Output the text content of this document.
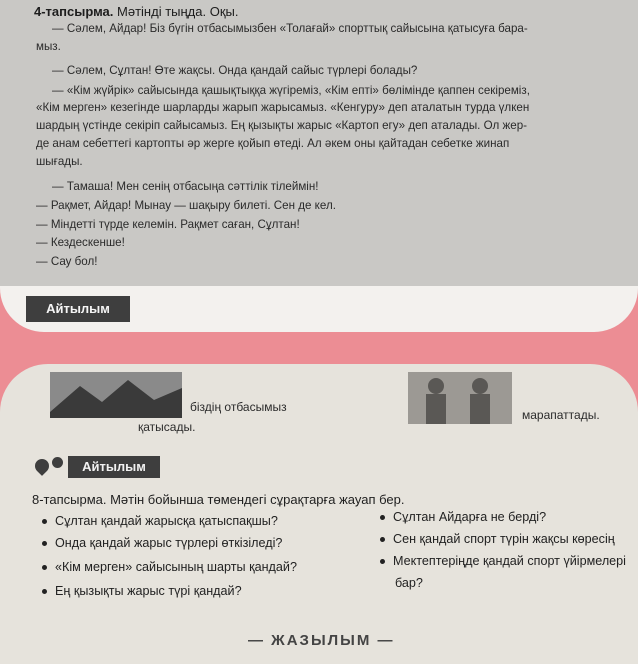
4-тапсырма. Мәтінді тыңда. Оқы.

— Сәлем, Айдар! Біз бүгін отбасымызбен «Толағай» спорттық сайысына қатысуға бара-

мыз.

— Сәлем, Сұлтан! Өте жақсы. Онда қандай сайыс түрлері болады?

— «Кім жүйрік» сайысында қашықтыққа жүгіреміз, «Кім епті» бөлімінде қаппен секіреміз,

«Кім мерген» кезегінде шарларды жарып жарысамыз. «Кенгуру» деп аталатын турда үлкен

шардың үстінде секіріп сайысамыз. Ең қызықты жарыс «Картоп егу» деп аталады. Ол жер-

де анам себеттегі картопты әр жерге қойып өтеді. Ал әкем оны қайтадан себетке жинап

шығады.

— Тамаша! Мен сенің отбасыңа сәттілік тілеймін!

— Рақмет, Айдар! Мынау — шақыру билеті. Сен де кел.

— Міндетті түрде келемін. Рақмет саған, Сұлтан!

— Кездескенше!

— Сау бол!

Айтылым

біздің отбасымыз

қатысады.

марапаттады.

Айтылым

8-тапсырма. Мәтін бойынша төмендегі сұрақтарға жауап бер.

Сұлтан қандай жарысқа қатыспақшы?

Онда қандай жарыс түрлері өткізіледі?

«Кім мерген» сайысының шарты қандай?

Ең қызықты жарыс түрі қандай?

Сұлтан Айдарға не берді?

Сен қандай спорт түрін жақсы көресің

Мектептеріңде қандай спорт үйірмелері

бар?

— ЖАЗЫЛЫМ —
